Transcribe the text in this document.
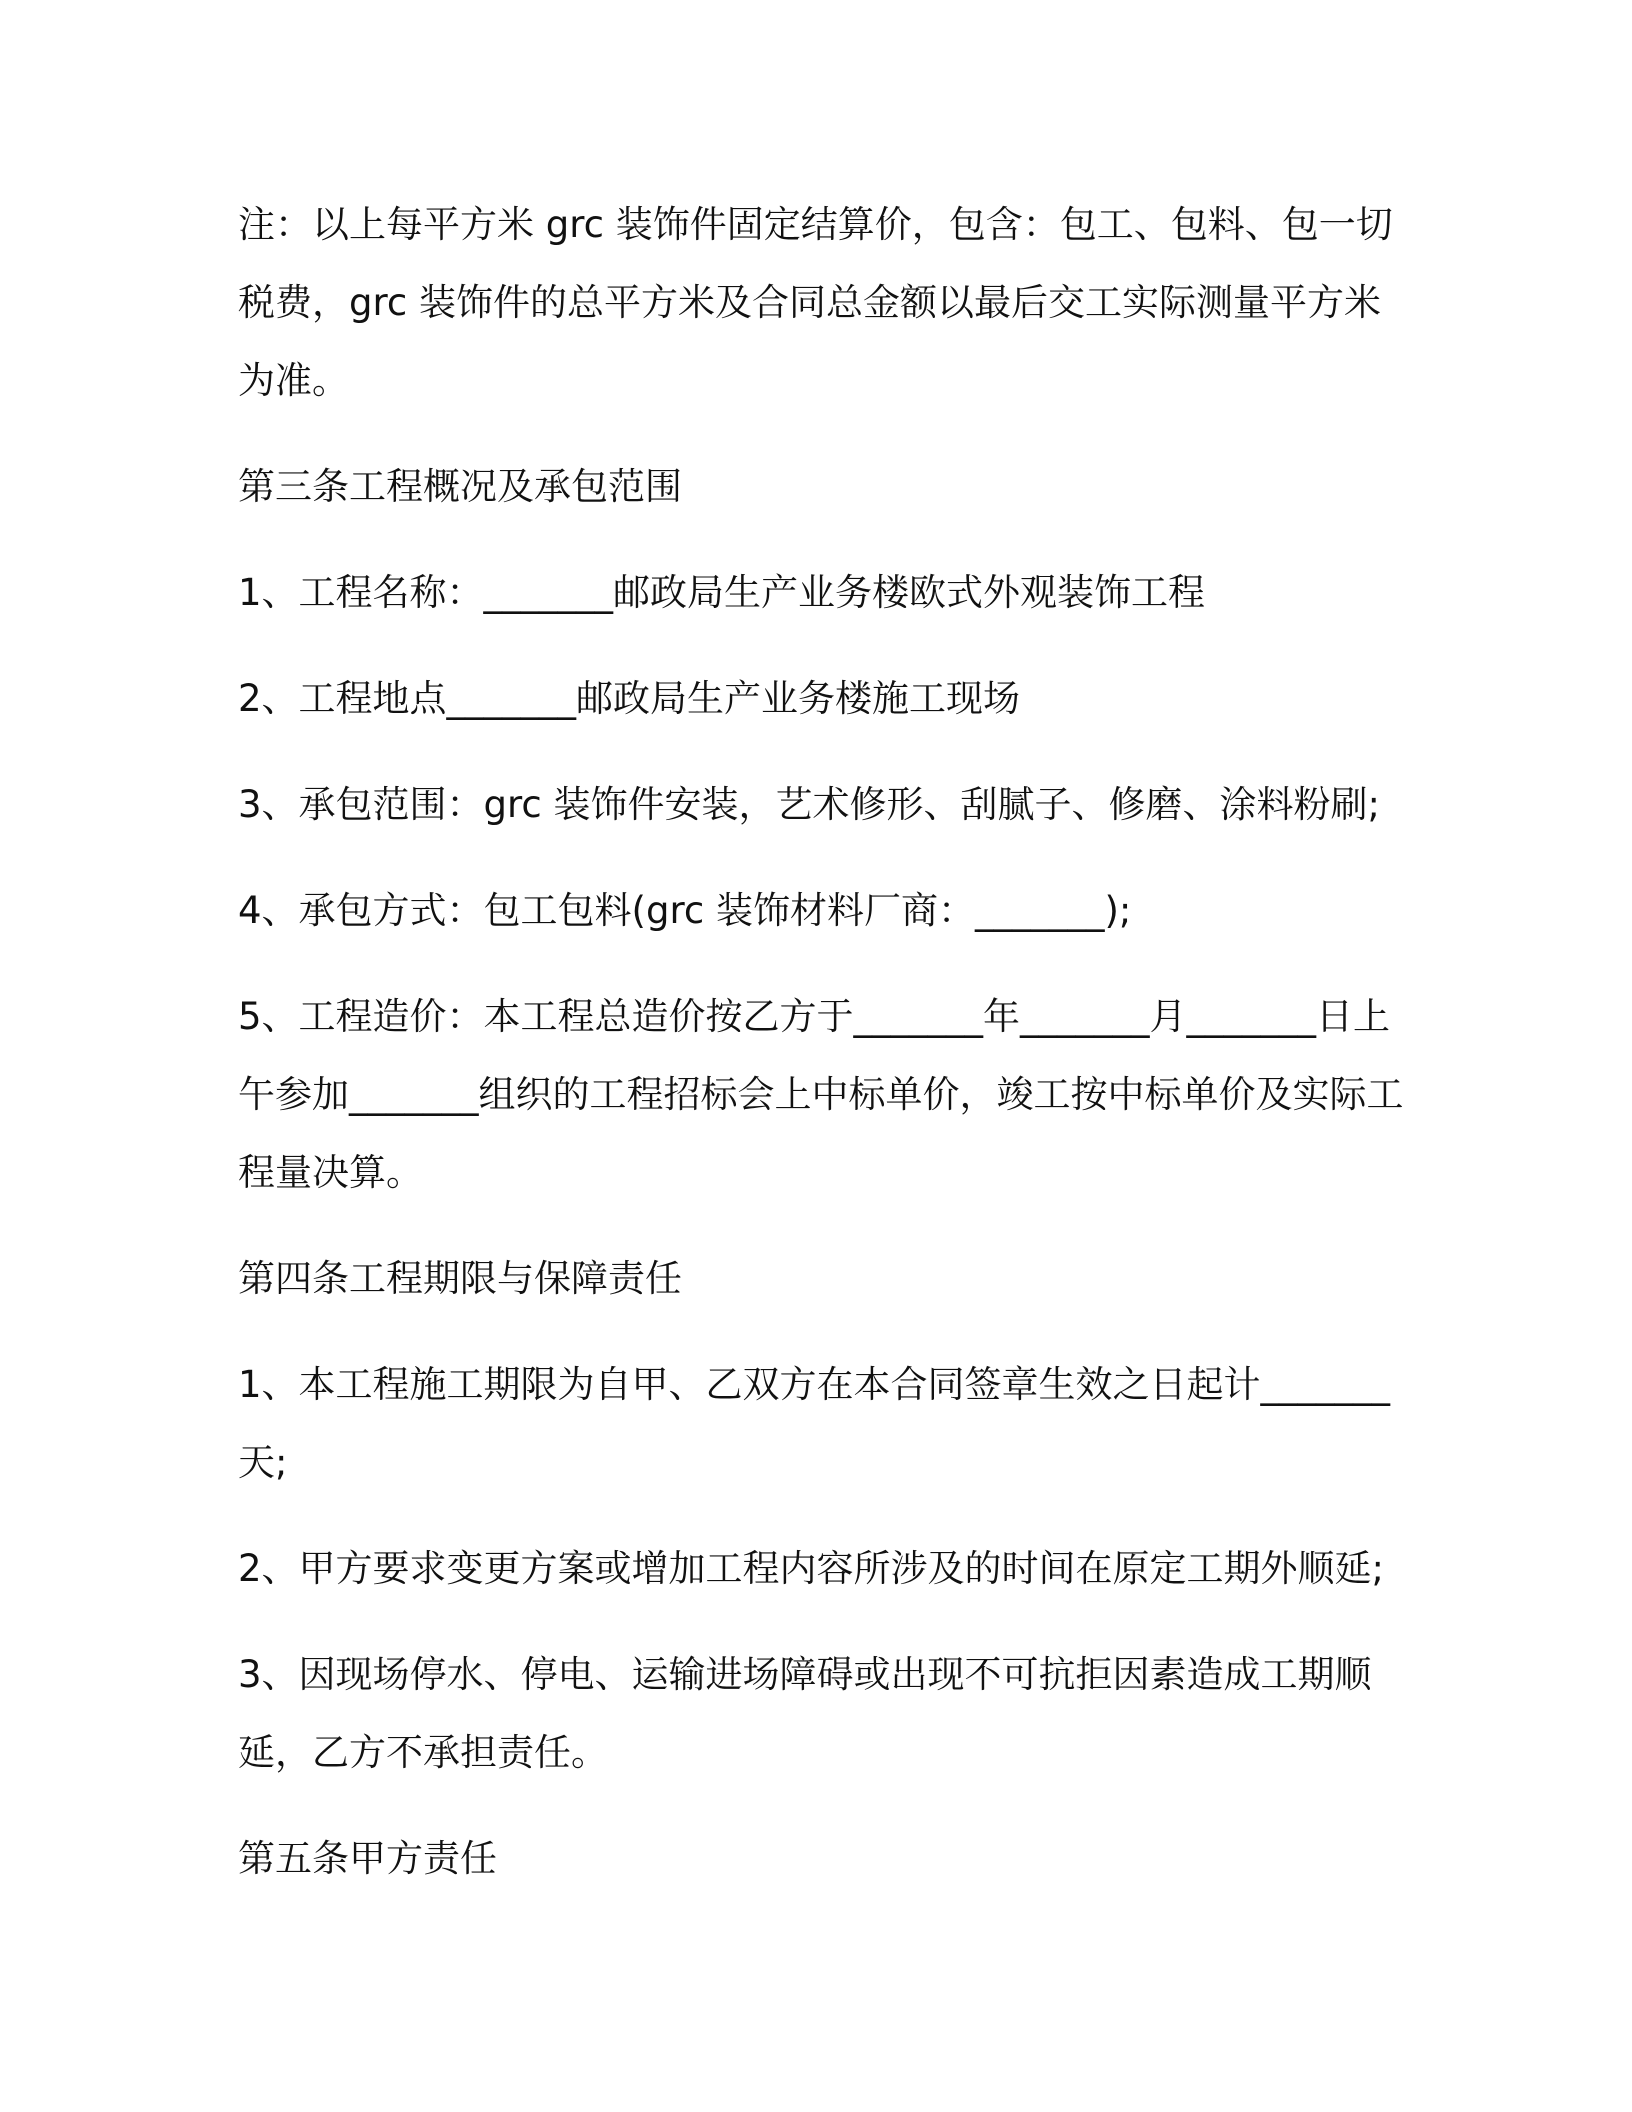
注：以上每平方米 grc 装饰件固定结算价，包含：包工、包料、包一切税费，grc 装饰件的总平方米及合同总金额以最后交工实际测量平方米为准。

第三条工程概况及承包范围

1、工程名称：_______邮政局生产业务楼欧式外观装饰工程

2、工程地点_______邮政局生产业务楼施工现场

3、承包范围：grc 装饰件安装，艺术修形、刮腻子、修磨、涂料粉刷;

4、承包方式：包工包料(grc 装饰材料厂商：_______);

5、工程造价：本工程总造价按乙方于_______年_______月_______日上午参加_______组织的工程招标会上中标单价，竣工按中标单价及实际工程量决算。

第四条工程期限与保障责任

1、本工程施工期限为自甲、乙双方在本合同签章生效之日起计_______天;

2、甲方要求变更方案或增加工程内容所涉及的时间在原定工期外顺延;

3、因现场停水、停电、运输进场障碍或出现不可抗拒因素造成工期顺延，乙方不承担责任。

第五条甲方责任
